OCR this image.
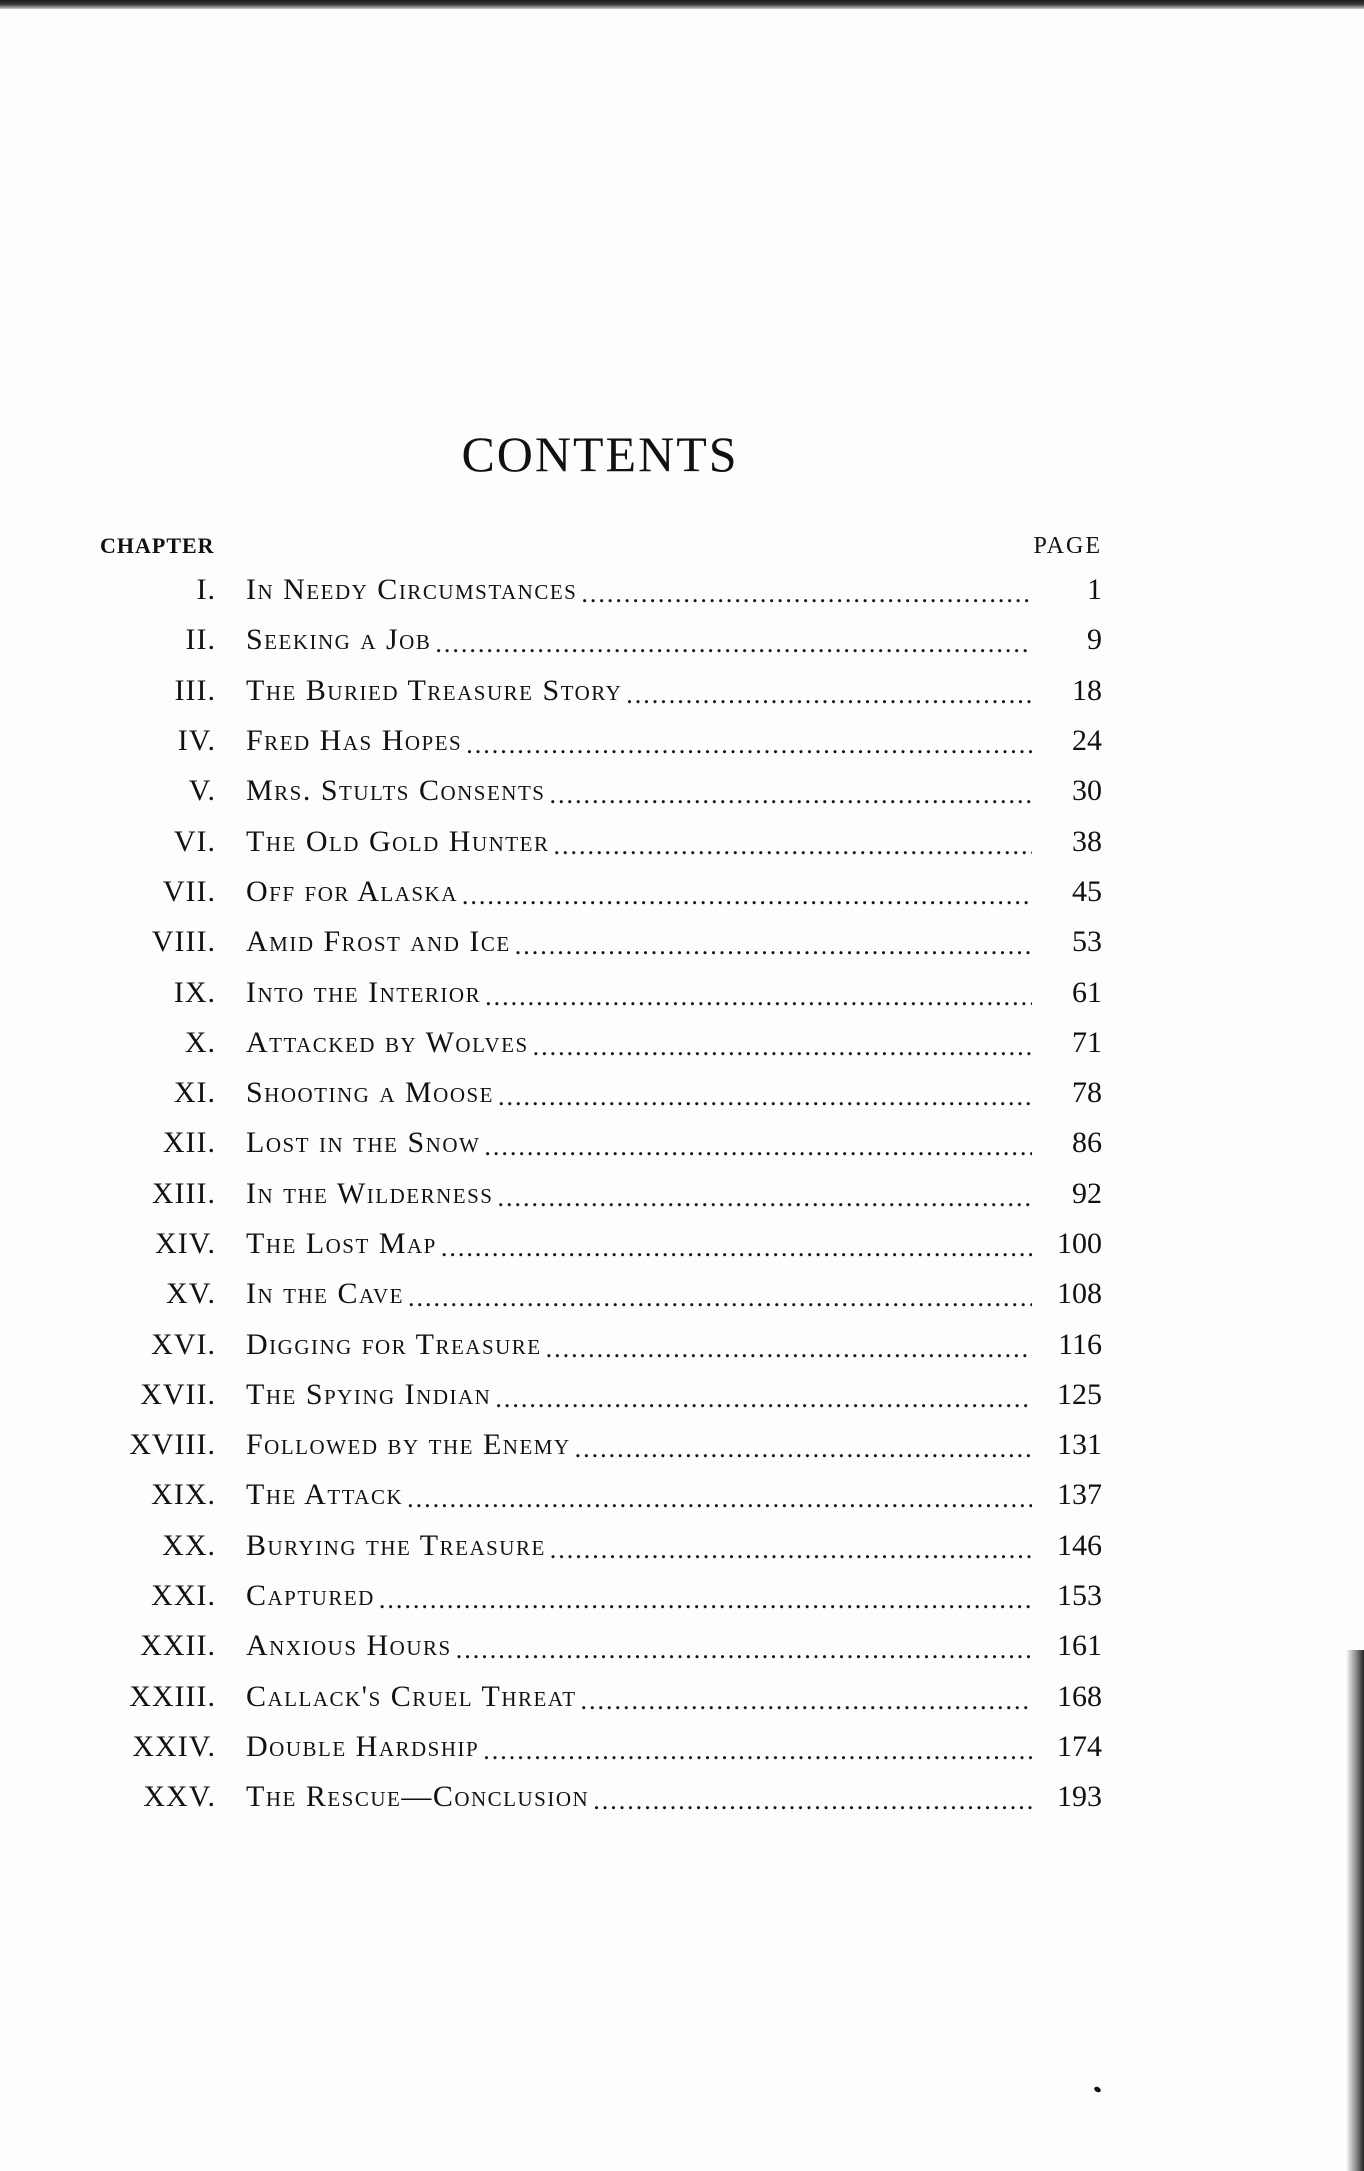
CONTENTS
CHAPTER	PAGE
I.	In Needy Circumstances .....	1
II.	Seeking a Job .....	9
III.	The Buried Treasure Story .....	18
IV.	Fred Has Hopes .....	24
V.	Mrs. Stults Consents .....	30
VI.	The Old Gold Hunter .....	38
VII.	Off for Alaska .....	45
VIII.	Amid Frost and Ice .....	53
IX.	Into the Interior .....	61
X.	Attacked by Wolves .....	71
XI.	Shooting a Moose .....	78
XII.	Lost in the Snow .....	86
XIII.	In the Wilderness .....	92
XIV.	The Lost Map .....	100
XV.	In the Cave .....	108
XVI.	Digging for Treasure .....	116
XVII.	The Spying Indian .....	125
XVIII.	Followed by the Enemy .....	131
XIX.	The Attack .....	137
XX.	Burying the Treasure .....	146
XXI.	Captured .....	153
XXII.	Anxious Hours .....	161
XXIII.	Callack's Cruel Threat .....	168
XXIV.	Double Hardship .....	174
XXV.	The Rescue—Conclusion .....	193
